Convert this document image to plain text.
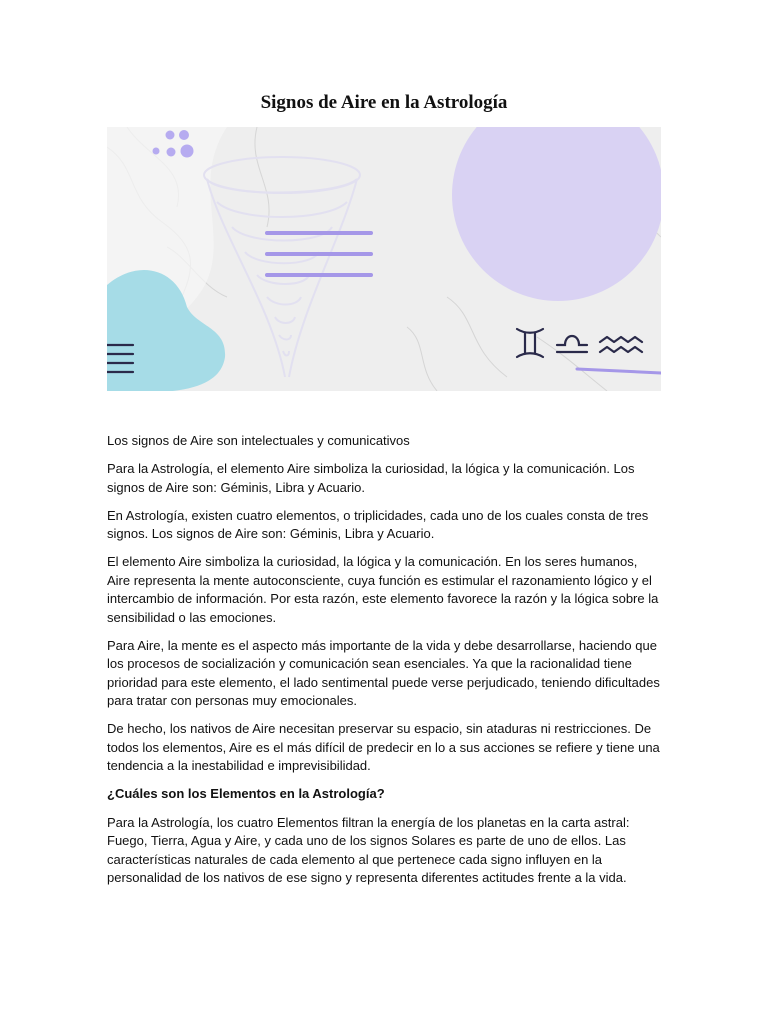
Signos de Aire en la Astrología

Los signos de Aire son intelectuales y comunicativos

Para la Astrología, el elemento Aire simboliza la curiosidad, la lógica y la comunicación. Los signos de Aire son: Géminis, Libra y Acuario.

En Astrología, existen cuatro elementos, o triplicidades, cada uno de los cuales consta de tres signos. Los signos de Aire son: Géminis, Libra y Acuario.

El elemento Aire simboliza la curiosidad, la lógica y la comunicación. En los seres humanos, Aire representa la mente autoconsciente, cuya función es estimular el razonamiento lógico y el intercambio de información. Por esta razón, este elemento favorece la razón y la lógica sobre la sensibilidad o las emociones.

Para Aire, la mente es el aspecto más importante de la vida y debe desarrollarse, haciendo que los procesos de socialización y comunicación sean esenciales. Ya que la racionalidad tiene prioridad para este elemento, el lado sentimental puede verse perjudicado, teniendo dificultades para tratar con personas muy emocionales.

De hecho, los nativos de Aire necesitan preservar su espacio, sin ataduras ni restricciones. De todos los elementos, Aire es el más difícil de predecir en lo a sus acciones se refiere y tiene una tendencia a la inestabilidad e imprevisibilidad.

¿Cuáles son los Elementos en la Astrología?

Para la Astrología, los cuatro Elementos filtran la energía de los planetas en la carta astral: Fuego, Tierra, Agua y Aire, y cada uno de los signos Solares es parte de uno de ellos. Las características naturales de cada elemento al que pertenece cada signo influyen en la personalidad de los nativos de ese signo y representa diferentes actitudes frente a la vida.
